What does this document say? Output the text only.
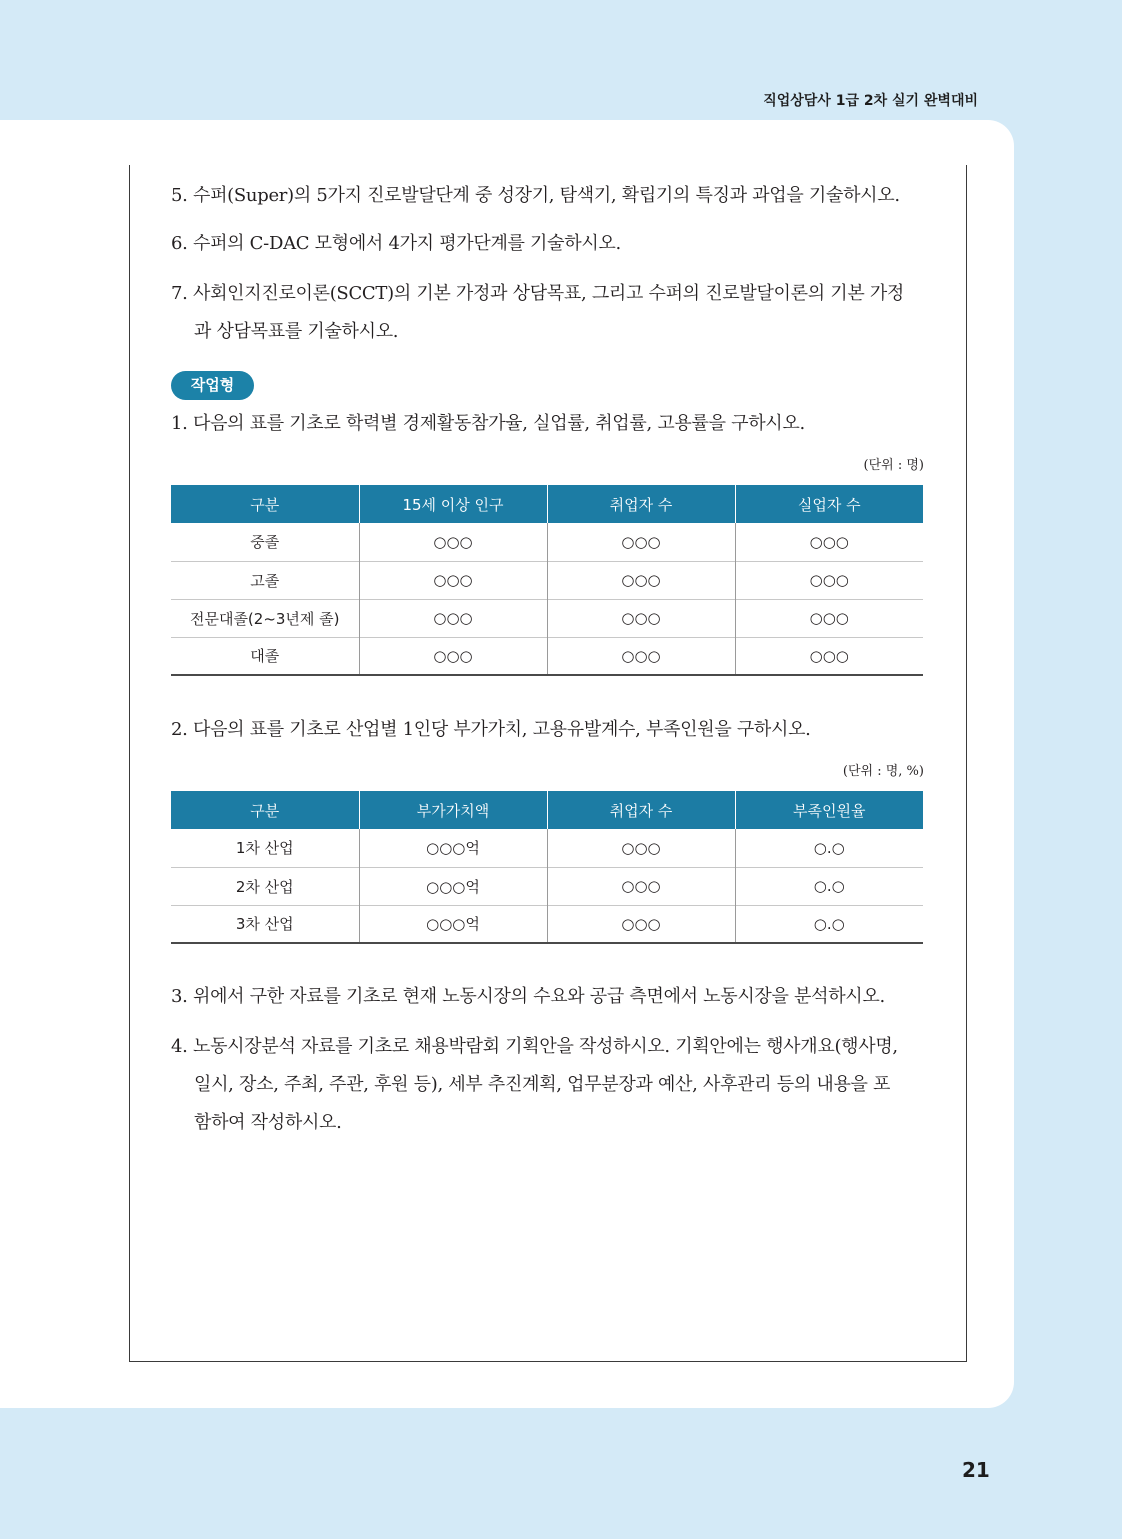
직업상담사 1급 2차 실기 완벽대비
5. 수퍼(Super)의 5가지 진로발달단계 중 성장기, 탐색기, 확립기의 특징과 과업을 기술하시오.
6. 수퍼의 C-DAC 모형에서 4가지 평가단계를 기술하시오.
7. 사회인지진로이론(SCCT)의 기본 가정과 상담목표, 그리고 수퍼의 진로발달이론의 기본 가정
과 상담목표를 기술하시오.
작업형
1. 다음의 표를 기초로 학력별 경제활동참가율, 실업률, 취업률, 고용률을 구하시오.
(단위 : 명)
구분	15세 이상 인구	취업자 수	실업자 수
중졸	○○○	○○○	○○○
고졸	○○○	○○○	○○○
전문대졸(2~3년제 졸)	○○○	○○○	○○○
대졸	○○○	○○○	○○○
2. 다음의 표를 기초로 산업별 1인당 부가가치, 고용유발계수, 부족인원을 구하시오.
(단위 : 명, %)
구분	부가가치액	취업자 수	부족인원율
1차 산업	○○○억	○○○	○.○
2차 산업	○○○억	○○○	○.○
3차 산업	○○○억	○○○	○.○
3. 위에서 구한 자료를 기초로 현재 노동시장의 수요와 공급 측면에서 노동시장을 분석하시오.
4. 노동시장분석 자료를 기초로 채용박람회 기획안을 작성하시오. 기획안에는 행사개요(행사명,
일시, 장소, 주최, 주관, 후원 등), 세부 추진계획, 업무분장과 예산, 사후관리 등의 내용을 포
함하여 작성하시오.
21
